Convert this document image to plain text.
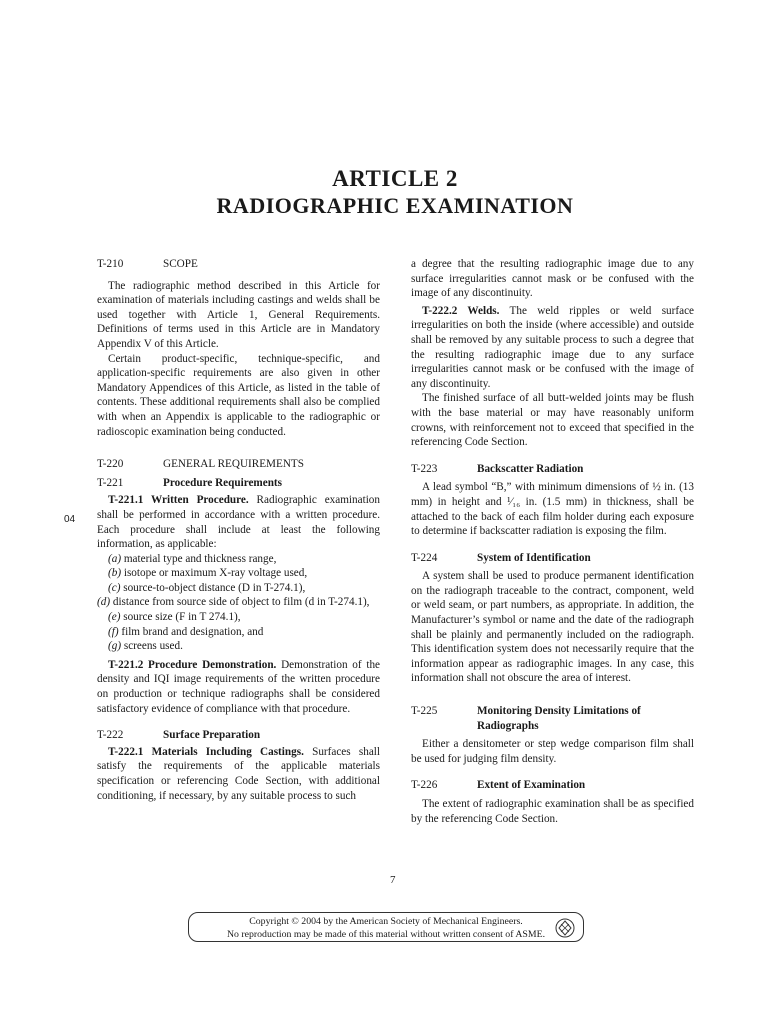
ARTICLE 2
RADIOGRAPHIC EXAMINATION
04
T-210	SCOPE

The radiographic method described in this Article for examination of materials including castings and welds shall be used together with Article 1, General Requirements. Definitions of terms used in this Article are in Mandatory Appendix V of this Article.

Certain product-specific, technique-specific, and application-specific requirements are also given in other Mandatory Appendices of this Article, as listed in the table of contents. These additional requirements shall also be complied with when an Appendix is applicable to the radiographic or radioscopic examination being conducted.

T-220	GENERAL REQUIREMENTS
T-221	Procedure Requirements

T-221.1 Written Procedure. Radiographic examination shall be performed in accordance with a written procedure. Each procedure shall include at least the following information, as applicable:

(a) material type and thickness range,
(b) isotope or maximum X-ray voltage used,
(c) source-to-object distance (D in T-274.1),
(d) distance from source side of object to film (d in T-274.1),
(e) source size (F in T 274.1),
(f) film brand and designation, and
(g) screens used.

T-221.2 Procedure Demonstration. Demonstration of the density and IQI image requirements of the written procedure on production or technique radiographs shall be considered satisfactory evidence of compliance with that procedure.

T-222	Surface Preparation

T-222.1 Materials Including Castings. Surfaces shall satisfy the requirements of the applicable materials specification or referencing Code Section, with additional conditioning, if necessary, by any suitable process to such

a degree that the resulting radiographic image due to any surface irregularities cannot mask or be confused with the image of any discontinuity.

T-222.2 Welds. The weld ripples or weld surface irregularities on both the inside (where accessible) and outside shall be removed by any suitable process to such a degree that the resulting radiographic image due to any surface irregularities cannot mask or be confused with the image of any discontinuity.

The finished surface of all butt-welded joints may be flush with the base material or may have reasonably uniform crowns, with reinforcement not to exceed that specified in the referencing Code Section.

T-223	Backscatter Radiation

A lead symbol “B,” with minimum dimensions of ½ in. (13 mm) in height and ¹⁄₁₆ in. (1.5 mm) in thickness, shall be attached to the back of each film holder during each exposure to determine if backscatter radiation is exposing the film.

T-224	System of Identification

A system shall be used to produce permanent identification on the radiograph traceable to the contract, component, weld or weld seam, or part numbers, as appropriate. In addition, the Manufacturer’s symbol or name and the date of the radiograph shall be plainly and permanently included on the radiograph. This identification system does not necessarily require that the information appear as radiographic images. In any case, this information shall not obscure the area of interest.

T-225	Monitoring Density Limitations of Radiographs

Either a densitometer or step wedge comparison film shall be used for judging film density.

T-226	Extent of Examination

The extent of radiographic examination shall be as specified by the referencing Code Section.

7
Copyright © 2004 by the American Society of Mechanical Engineers.
No reproduction may be made of this material without written consent of ASME.
